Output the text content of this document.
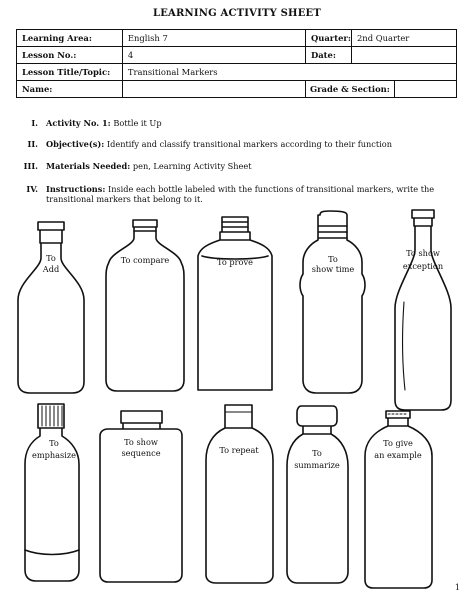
LEARNING ACTIVITY SHEET
Learning Area:	English 7	Quarter:	2nd Quarter
Lesson No.:	4	Date:	
Lesson Title/Topic:	Transitional Markers		
Name:		Grade & Section:	
I. Activity No. 1: Bottle it Up
II. Objective(s): Identify and classify transitional markers according to their function
III. Materials Needed: pen, Learning Activity Sheet
IV. Instructions: Inside each bottle labeled with the functions of transitional markers, write the transitional markers that belong to it.
To
Add
To compare	To prove	To
show time
To show
exception
To
emphasize
To show
sequence	To repeat	To
summarize
To give
an example
1
